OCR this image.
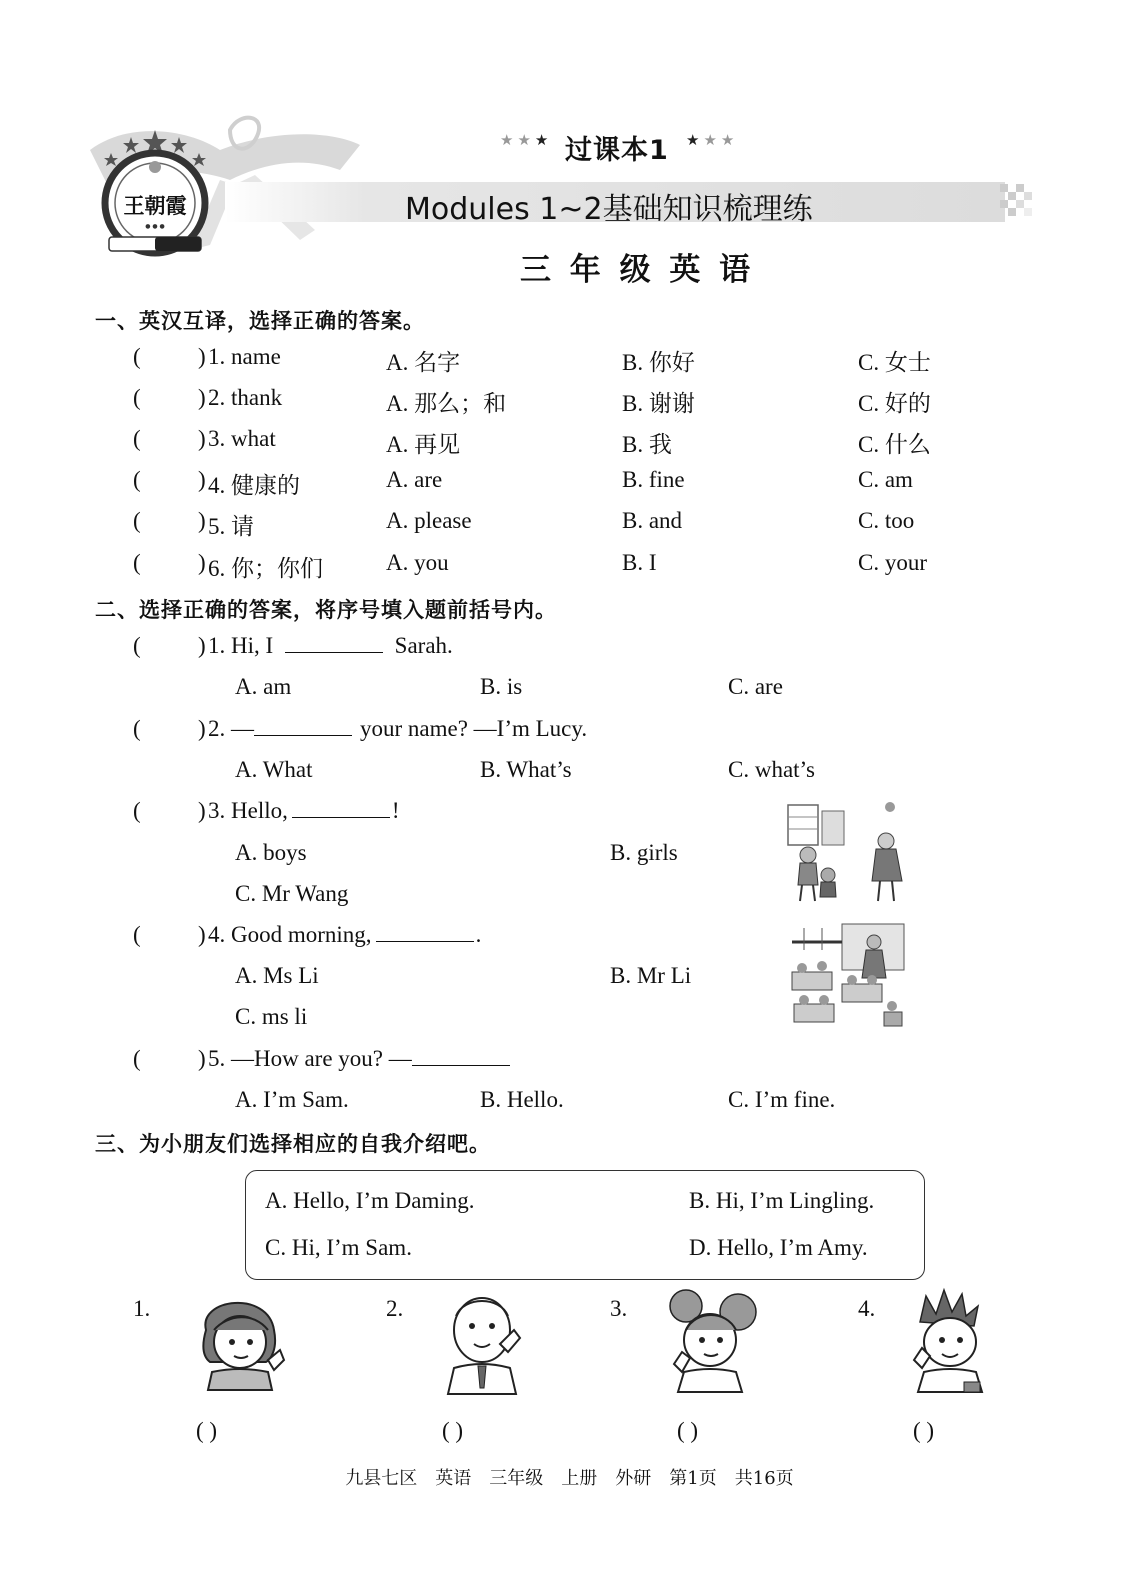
王朝霞
● ● ●
★★★ 过课本1 ★★★
Modules 1~2基础知识梳理练
三 年 级 英 语
一、英汉互译，选择正确的答案。
( ) 1. name	A. 名字	B. 你好	C. 女士
( ) 2. thank	A. 那么；和	B. 谢谢	C. 好的
( ) 3. what	A. 再见	B. 我	C. 什么
( ) 4. 健康的	A. are	B. fine	C. am
( ) 5. 请	A. please	B. and	C. too
( ) 6. 你；你们	A. you	B. I	C. your
二、选择正确的答案，将序号填入题前括号内。
( ) 1. Hi, I	Sarah.
A. am	B. is	C. are
( ) 2. —	your name? —I’m Lucy.
A. What	B. What’s	C. what’s
( ) 3. Hello,	!
A. boys	B. girls
C. Mr Wang
( ) 4. Good morning,	.
A. Ms Li	B. Mr Li
C. ms li
( ) 5. —How are you? —
A. I’m Sam.	B. Hello.	C. I’m fine.
三、为小朋友们选择相应的自我介绍吧。
A. Hello, I’m Daming.	B. Hi, I’m Lingling.
C. Hi, I’m Sam.	D. Hello, I’m Amy.
1.
( )
2.
( )
3.
( )
4.
( )
九县七区　英语　三年级　上册　外研　第1页　共16页
